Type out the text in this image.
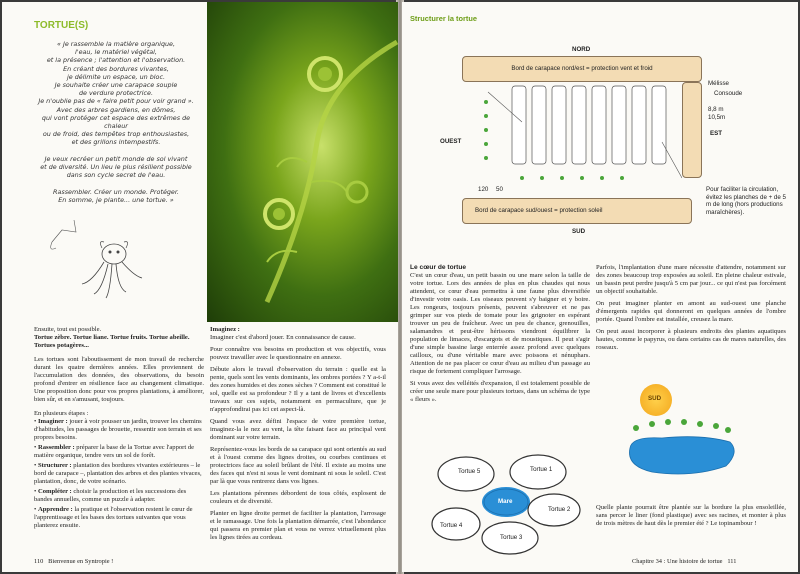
TORTUE(S)
« Je rassemble la matière organique,
l'eau, le matériel végétal,
et la présence ; l'attention et l'observation.
En créant des bordures vivantes,
je délimite un espace, un bloc.
Je souhaite créer une carapace souple
de verdure protectrice.
Je n'oublie pas de « faire petit pour voir grand ».
Avec des arbres gardiens, en dômes,
qui vont protéger cet espace des extrêmes de chaleur
ou de froid, des tempêtes trop enthousiastes,
et des grillons intempestifs.

Je veux recréer un petit monde de sol vivant
et de diversité. Un lieu le plus résilient possible
dans son cycle secret de l'eau.

Rassembler. Créer un monde. Protéger.
En somme, je plante... une tortue. »

Ensuite, tout est possible.

Tortue zèbre. Tortue liane. Tortue fruits. Tortue abeille.

Tortues potagères...

Les tortues sont l'aboutissement de mon travail de recherche durant les quatre dernières années. Elles proviennent de l'accumulation des données, des observations, du besoin profond d'entrer en résilience face au changement climatique. Une proposition donc pour vos propres plantations, à améliorer, bien sûr, et en s'amusant, toujours.

En plusieurs étapes :

• Imaginer : jouer à voir pousser un jardin, trouver les chemins d'habitudes, les passages de brouette, ressentir son terrain et ses propres besoins.
• Rassembler : préparer la base de la Tortue avec l'apport de matière organique, tendre vers un sol de forêt.
• Structurer : plantation des bordures vivantes extérieures – le bord de carapace –, plantation des arbres et des plantes vivaces, plantation, donc, de votre scénario.
• Compléter : choisir la production et les successions des bandes annuelles, comme un puzzle à adapter.
• Apprendre : la pratique et l'observation restent le cœur de l'apprentissage et les bases des tortues suivantes que vous planterez ensuite.

Imaginez :

Imaginer c'est d'abord jouer. En connaissance de cause.

Pour connaître vos besoins en production et vos objectifs, vous pouvez travailler avec le questionnaire en annexe.

Débute alors le travail d'observation du terrain : quelle est la pente, quels sont les vents dominants, les ombres portées ? Y a-t-il des zones humides et des zones sèches ? Comment est constitué le sol, quelle est sa profondeur ? Il y a tant de livres et d'excellents travaux sur ces sujets, notamment en permaculture, que je n'approfondirai pas ici cet aspect-là.

Quand vous avez défini l'espace de votre première tortue, imaginez-la le nez au vent, la tête faisant face au principal vent dominant sur votre terrain.

Représentez-vous les bords de sa carapace qui sont orientés au sud et à l'ouest comme des lignes droites, ou courbes continues et protectrices face au soleil brûlant de l'été. Il existe au moins une des faces qui n'est ni sous le vent dominant ni sous le soleil. C'est par là que vous rentrerez dans vos lignes.

Les plantations pérennes débordent de tous côtés, explosent de couleurs et de diversité.

Planter en ligne droite permet de faciliter la plantation, l'arrosage et le ramassage. Une fois la plantation démarrée, c'est l'abondance qui passera en premier plan et vous ne verrez virtuellement plus les lignes tirées au cordeau.

110 Bienvenue en Syntropie !
Structurer la tortue
NORD
Bord de carapace nord/est = protection vent et froid
OUEST
EST
Mélisse
Consoude
8,8 m
10,5m
120 50
Bord de carapace sud/ouest = protection soleil
SUD
Pour faciliter la circulation, évitez les planches de + de 5 m de long (hors productions maraîchères).

Le cœur de tortue

C'est un cœur d'eau, un petit bassin ou une mare selon la taille de votre tortue. Lors des années de plus en plus chaudes qui nous attendent, ce cœur d'eau permettra à une faune plus diversifiée d'investir votre oasis. Les oiseaux peuvent s'y baigner et y boire. Les rongeurs, toujours présents, peuvent s'abreuver et ne pas grimper sur vos pieds de tomate pour les grignoter en espérant trouver un peu de fraîcheur. Avec un peu de chance, grenouilles, salamandres et peut-être hérissons viendront équilibrer la population de limaces, d'escargots et de moustiques. Il peut s'agir d'une simple bassine large enterrée assez profond avec quelques cailloux, ou d'une véritable mare avec poissons et nénuphars. Attention de ne pas placer ce cœur d'eau au milieu d'un passage au risque de fortement compliquer l'arrosage.

Si vous avez des velléités d'expansion, il est totalement possible de créer une seule mare pour plusieurs tortues, dans un schéma de type « fleurs ».

Parfois, l'implantation d'une mare nécessite d'attendre, notamment sur des zones beaucoup trop exposées au soleil. En pleine chaleur estivale, un bassin peut perdre jusqu'à 5 cm par jour... ce qui n'est pas forcément un objectif souhaitable.

On peut imaginer planter en amont au sud-ouest une planche d'émergents rapides qui donneront en quelques années de l'ombre portée. Quand l'ombre est installée, creusez la mare.

On peut aussi incorporer à plusieurs endroits des plantes aquatiques hautes, comme le papyrus, ou dans certains cas de mares naturelles, des roseaux.

Tortue 5	Tortue 1
Tortue 2
Tortue 3
Tortue 4
Mare
SUD
Quelle plante pourrait être plantée sur la bordure la plus ensoleillée, sans percer le liner (fond plastique) avec ses racines, et monter à plus de trois mètres de haut dès le premier été ? Le topinambour !
Chapitre 34 : Une histoire de tortue 111
